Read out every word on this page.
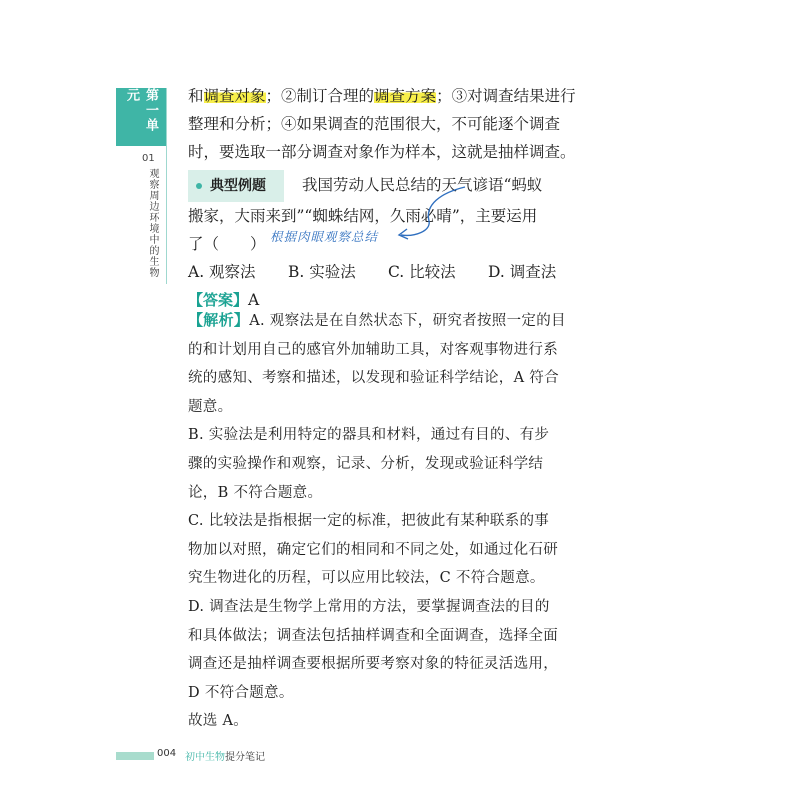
第一单元
01
观察周边环境中的生物

和调查对象；②制订合理的调查方案；③对调查结果进行

整理和分析；④如果调查的范围很大，不可能逐个调查

时，要选取一部分调查对象作为样本，这就是抽样调查。

典型例题 我国劳动人民总结的天气谚语“蚂蚁

搬家，大雨来到”“蜘蛛结网，久雨必晴”，主要运用

了（　　）

A. 观察法	B. 实验法	C. 比较法	D. 调查法

【答案】A

根据肉眼观察总结

【解析】A. 观察法是在自然状态下，研究者按照一定的目

的和计划用自己的感官外加辅助工具，对客观事物进行系

统的感知、考察和描述，以发现和验证科学结论，A 符合

题意。

B. 实验法是利用特定的器具和材料，通过有目的、有步

骤的实验操作和观察，记录、分析，发现或验证科学结

论，B 不符合题意。

C. 比较法是指根据一定的标准，把彼此有某种联系的事

物加以对照，确定它们的相同和不同之处，如通过化石研

究生物进化的历程，可以应用比较法，C 不符合题意。

D. 调查法是生物学上常用的方法，要掌握调查法的目的

和具体做法；调查法包括抽样调查和全面调查，选择全面

调查还是抽样调查要根据所要考察对象的特征灵活选用，

D 不符合题意。

故选 A。

004 初中生物提分笔记
